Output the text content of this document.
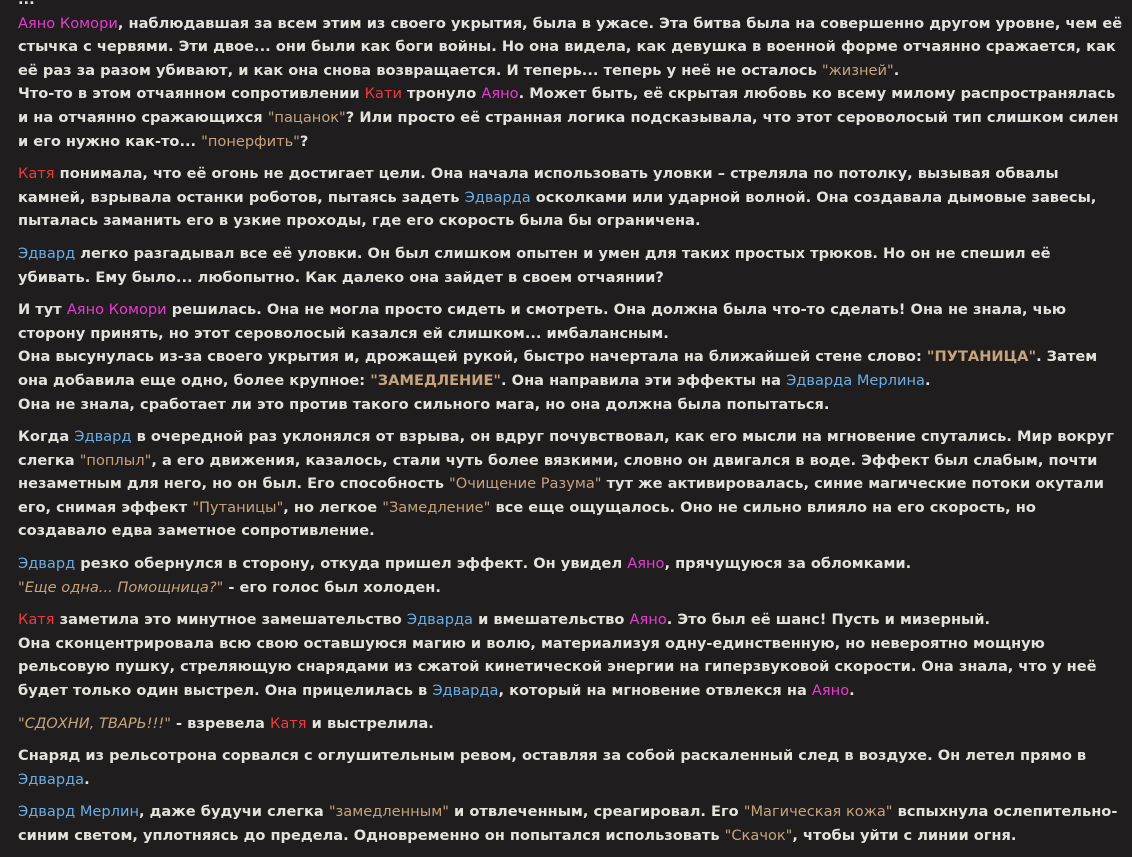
Аяно Комори, наблюдавшая за всем этим из своего укрытия, была в ужасе. Эта битва была на совершенно другом уровне, чем её стычка с червями. Эти двое... они были как боги войны. Но она видела, как девушка в военной форме отчаянно сражается, как её раз за разом убивают, и как она снова возвращается. И теперь... теперь у неё не осталось "жизней".

Что-то в этом отчаянном сопротивлении Кати тронуло Аяно. Может быть, её скрытая любовь ко всему милому распространялась и на отчаянно сражающихся "пацанок"? Или просто её странная логика подсказывала, что этот сероволосый тип слишком силен и его нужно как-то... "понерфить"?

Катя понимала, что её огонь не достигает цели. Она начала использовать уловки – стреляла по потолку, вызывая обвалы камней, взрывала останки роботов, пытаясь задеть Эдварда осколками или ударной волной. Она создавала дымовые завесы, пыталась заманить его в узкие проходы, где его скорость была бы ограничена.

Эдвард легко разгадывал все её уловки. Он был слишком опытен и умен для таких простых трюков. Но он не спешил её убивать. Ему было... любопытно. Как далеко она зайдет в своем отчаянии?

И тут Аяно Комори решилась. Она не могла просто сидеть и смотреть. Она должна была что-то сделать! Она не знала, чью сторону принять, но этот сероволосый казался ей слишком... имбалансным.

Она высунулась из-за своего укрытия и, дрожащей рукой, быстро начертала на ближайшей стене слово: "ПУТАНИЦА". Затем она добавила еще одно, более крупное: "ЗАМЕДЛЕНИЕ". Она направила эти эффекты на Эдварда Мерлина.

Она не знала, сработает ли это против такого сильного мага, но она должна была попытаться.

Когда Эдвард в очередной раз уклонялся от взрыва, он вдруг почувствовал, как его мысли на мгновение спутались. Мир вокруг слегка "поплыл", а его движения, казалось, стали чуть более вязкими, словно он двигался в воде. Эффект был слабым, почти незаметным для него, но он был. Его способность "Очищение Разума" тут же активировалась, синие магические потоки окутали его, снимая эффект "Путаницы", но легкое "Замедление" все еще ощущалось. Оно не сильно влияло на его скорость, но создавало едва заметное сопротивление.

Эдвард резко обернулся в сторону, откуда пришел эффект. Он увидел Аяно, прячущуюся за обломками.

"Еще одна... Помощница?" - его голос был холоден.

Катя заметила это минутное замешательство Эдварда и вмешательство Аяно. Это был её шанс! Пусть и мизерный.

Она сконцентрировала всю свою оставшуюся магию и волю, материализуя одну-единственную, но невероятно мощную рельсовую пушку, стреляющую снарядами из сжатой кинетической энергии на гиперзвуковой скорости. Она знала, что у неё будет только один выстрел. Она прицелилась в Эдварда, который на мгновение отвлекся на Аяно.

"СДОХНИ, ТВАРЬ!!!" - взревела Катя и выстрелила.

Снаряд из рельсотрона сорвался с оглушительным ревом, оставляя за собой раскаленный след в воздухе. Он летел прямо в Эдварда.

Эдвард Мерлин, даже будучи слегка "замедленным" и отвлеченным, среагировал. Его "Магическая кожа" вспыхнула ослепительно-синим светом, уплотняясь до предела. Одновременно он попытался использовать "Скачок", чтобы уйти с линии огня.
